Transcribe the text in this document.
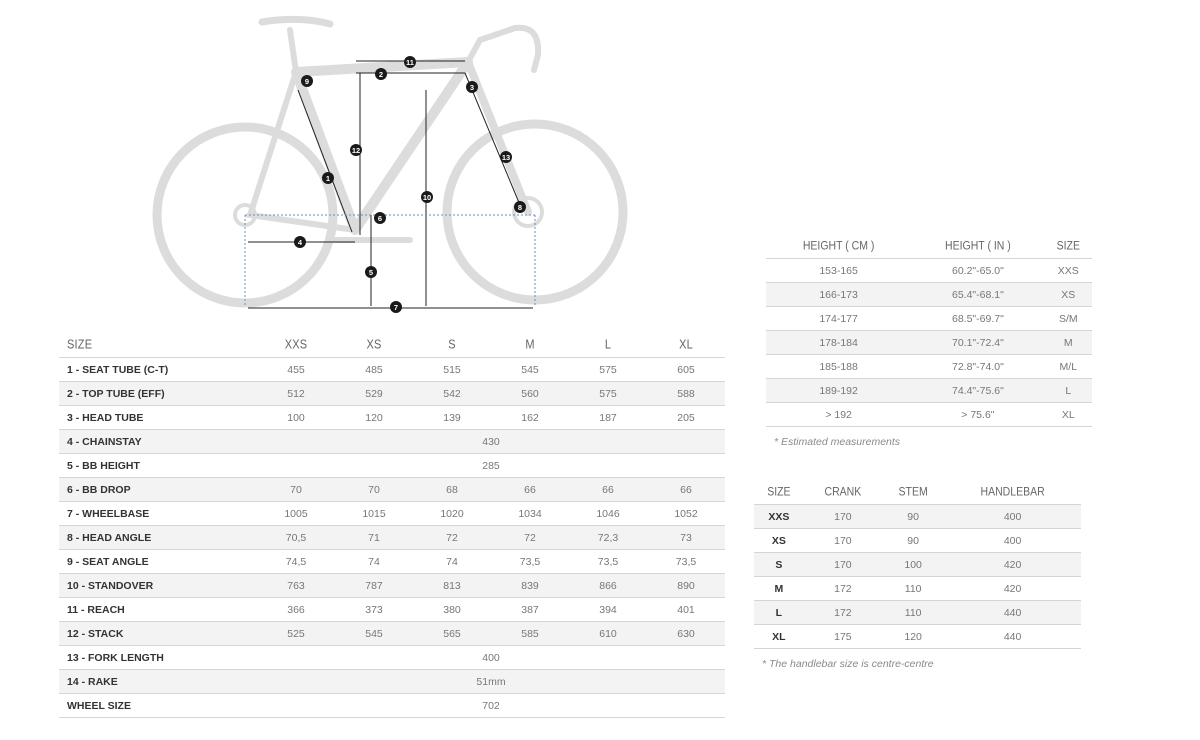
1
2
3
4
5
6
7
8
9
10
11
12
13
SIZE	XXS	XS	S	M	L	XL
1 - SEAT TUBE (C-T)	455	485	515	545	575	605
2 - TOP TUBE (EFF)	512	529	542	560	575	588
3 - HEAD TUBE	100	120	139	162	187	205
4 - CHAINSTAY	430					
5 - BB HEIGHT	285					
6 - BB DROP	70	70	68	66	66	66
7 - WHEELBASE	1005	1015	1020	1034	1046	1052
8 - HEAD ANGLE	70,5	71	72	72	72,3	73
9 - SEAT ANGLE	74,5	74	74	73,5	73,5	73,5
10 - STANDOVER	763	787	813	839	866	890
11 - REACH	366	373	380	387	394	401
12 - STACK	525	545	565	585	610	630
13 - FORK LENGTH	400					
14 - RAKE	51mm					
WHEEL SIZE	702					
HEIGHT ( CM )	HEIGHT ( IN )	SIZE
153-165	60.2"-65.0"	XXS
166-173	65.4"-68.1"	XS
174-177	68.5"-69.7"	S/M
178-184	70.1"-72.4"	M
185-188	72.8"-74.0"	M/L
189-192	74.4"-75.6"	L
> 192	> 75.6"	XL
* Estimated measurements
SIZE	CRANK	STEM	HANDLEBAR
XXS	170	90	400
XS	170	90	400
S	170	100	420
M	172	110	420
L	172	110	440
XL	175	120	440
* The handlebar size is centre-centre
